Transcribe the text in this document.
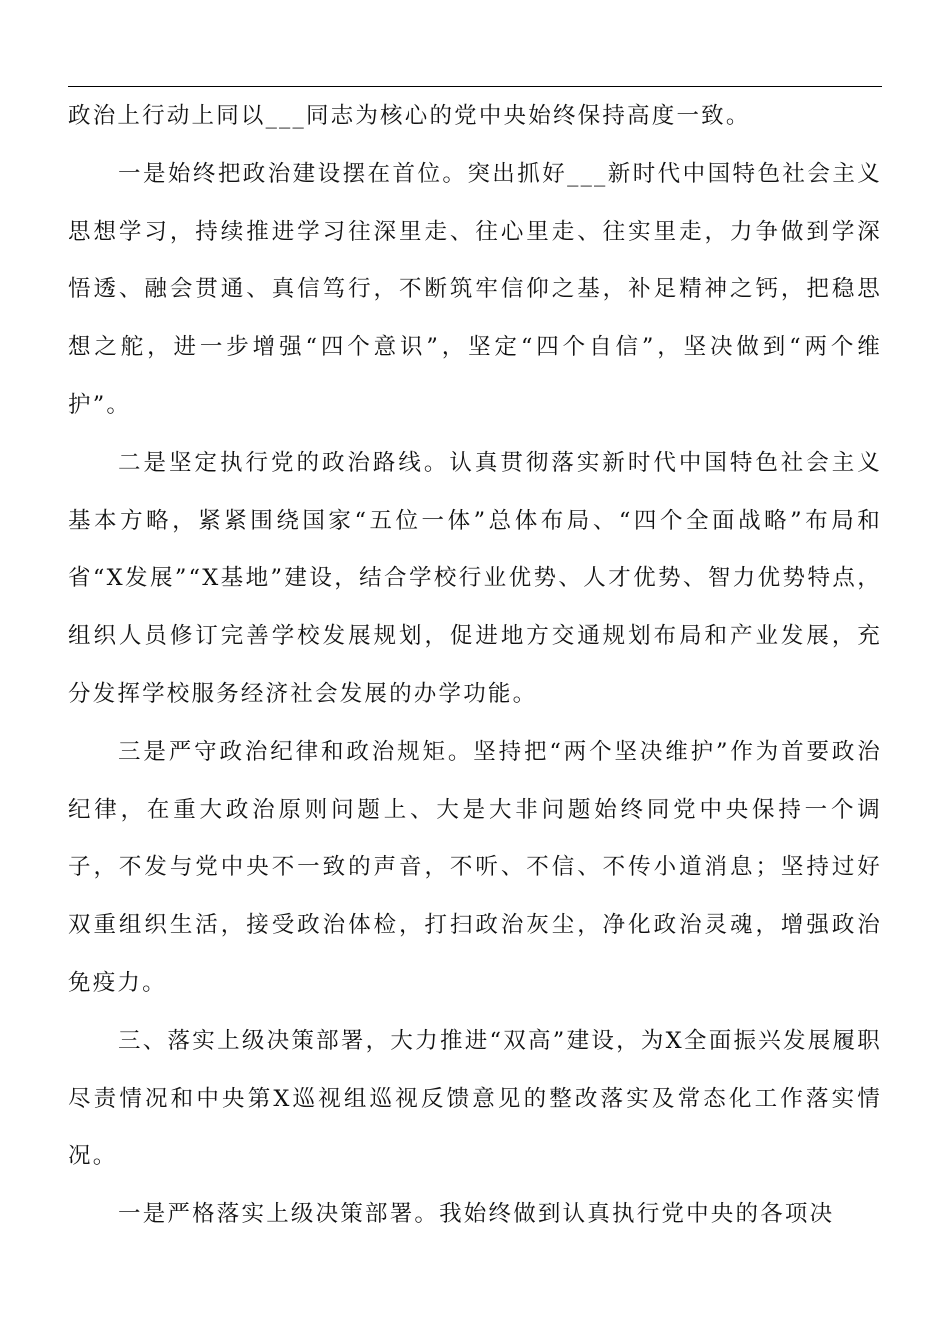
政治上行动上同以___同志为核心的党中央始终保持高度一致。

一是始终把政治建设摆在首位。突出抓好___新时代中国特色社会主义思想学习，持续推进学习往深里走、往心里走、往实里走，力争做到学深悟透、融会贯通、真信笃行，不断筑牢信仰之基，补足精神之钙，把稳思想之舵，进一步增强“四个意识”，坚定“四个自信”，坚决做到“两个维护”。

二是坚定执行党的政治路线。认真贯彻落实新时代中国特色社会主义基本方略，紧紧围绕国家“五位一体”总体布局、“四个全面战略”布局和省“X发展”“X基地”建设，结合学校行业优势、人才优势、智力优势特点，组织人员修订完善学校发展规划，促进地方交通规划布局和产业发展，充分发挥学校服务经济社会发展的办学功能。

三是严守政治纪律和政治规矩。坚持把“两个坚决维护”作为首要政治纪律，在重大政治原则问题上、大是大非问题始终同党中央保持一个调子，不发与党中央不一致的声音，不听、不信、不传小道消息；坚持过好双重组织生活，接受政治体检，打扫政治灰尘，净化政治灵魂，增强政治免疫力。

三、落实上级决策部署，大力推进“双高”建设，为X全面振兴发展履职尽责情况和中央第X巡视组巡视反馈意见的整改落实及常态化工作落实情况。

一是严格落实上级决策部署。我始终做到认真执行党中央的各项决
